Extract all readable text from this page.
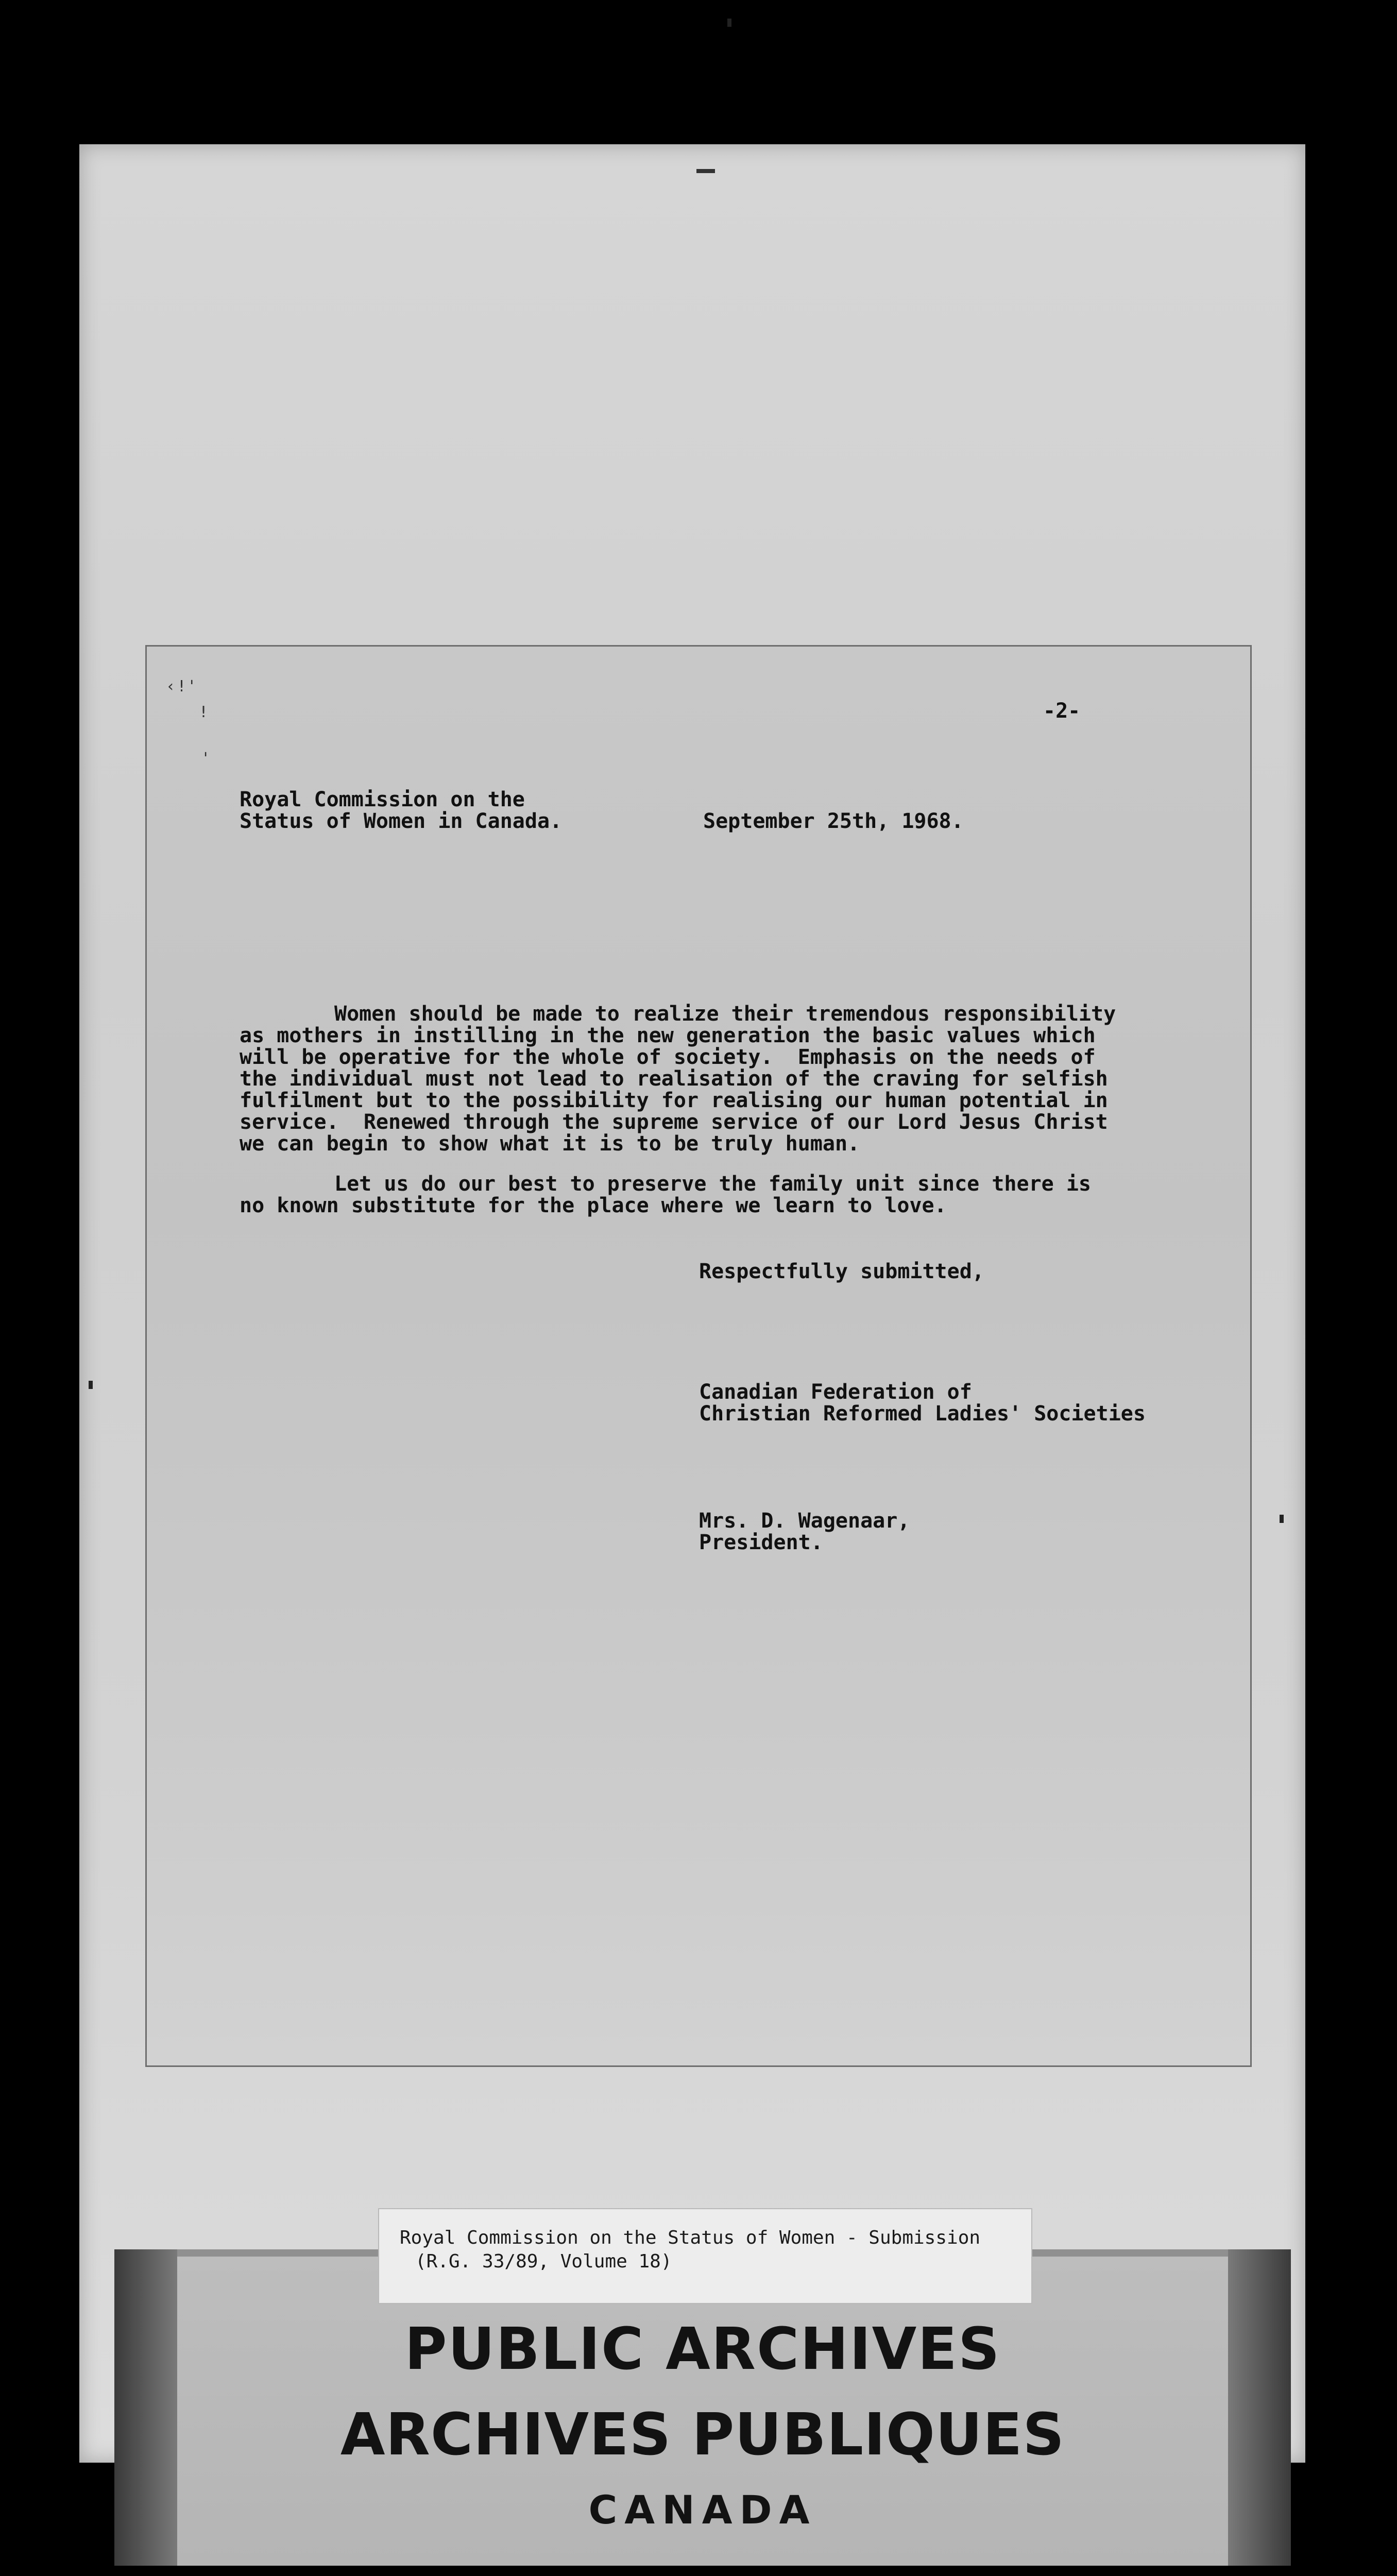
‹ ! '
!
'

-2-

Royal Commission on the

Status of Women in Canada.	September 25th, 1968.

Women should be made to realize their tremendous responsibility

as mothers in instilling in the new generation the basic values which

will be operative for the whole of society.  Emphasis on the needs of

the individual must not lead to realisation of the craving for selfish

fulfilment but to the possibility for realising our human potential in

service.  Renewed through the supreme service of our Lord Jesus Christ

we can begin to show what it is to be truly human.

Let us do our best to preserve the family unit since there is

no known substitute for the place where we learn to love.

Respectfully submitted,

Canadian Federation of

Christian Reformed Ladies' Societies

Mrs. D. Wagenaar,

President.

Royal Commission on the Status of Women - Submission

(R.G. 33/89, Volume 18)

PUBLIC ARCHIVES

ARCHIVES PUBLIQUES

CANADA
